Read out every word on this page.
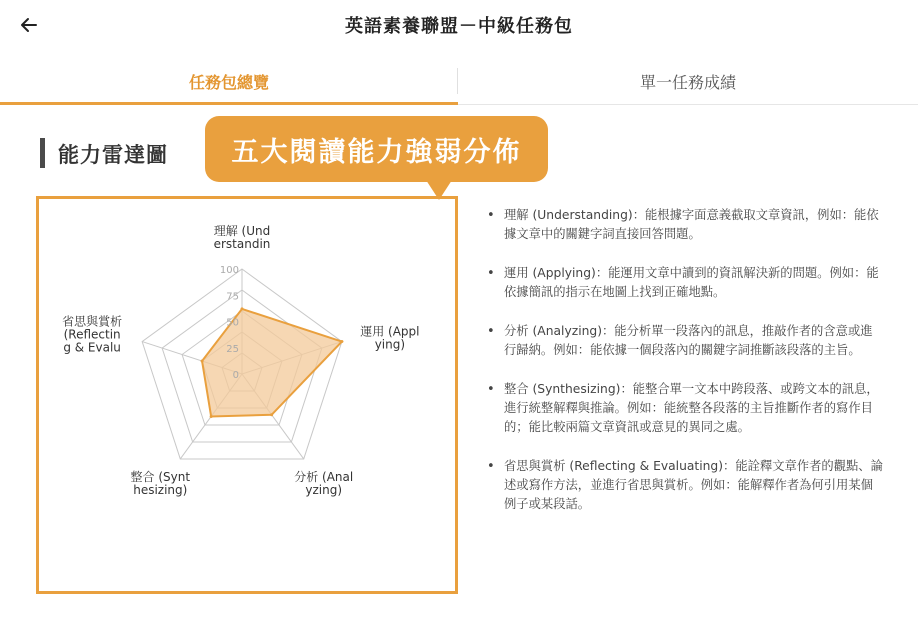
英語素養聯盟－中級任務包
任務包總覽	單一任務成績
能力雷達圖	五大閱讀能力強弱分佈
0
25
50
75
100
理解 (Und erstandin
運用 (Appl ying)
分析 (Anal yzing)
整合 (Synt hesizing)
省思與賞析(Reflectin g & Evalu
• 理解 (Understanding)：能根據字面意義截取文章資訊，例如：能依據文章中的關鍵字詞直接回答問題。
• 運用 (Applying)：能運用文章中讀到的資訊解決新的問題。例如：能依據簡訊的指示在地圖上找到正確地點。
• 分析 (Analyzing)：能分析單一段落內的訊息，推敲作者的含意或進行歸納。例如：能依據一個段落內的關鍵字詞推斷該段落的主旨。
• 整合 (Synthesizing)：能整合單一文本中跨段落、或跨文本的訊息，進行統整解釋與推論。例如：能統整各段落的主旨推斷作者的寫作目的；能比較兩篇文章資訊或意見的異同之處。
• 省思與賞析 (Reflecting & Evaluating)：能詮釋文章作者的觀點、論述或寫作方法，並進行省思與賞析。例如：能解釋作者為何引用某個例子或某段話。
